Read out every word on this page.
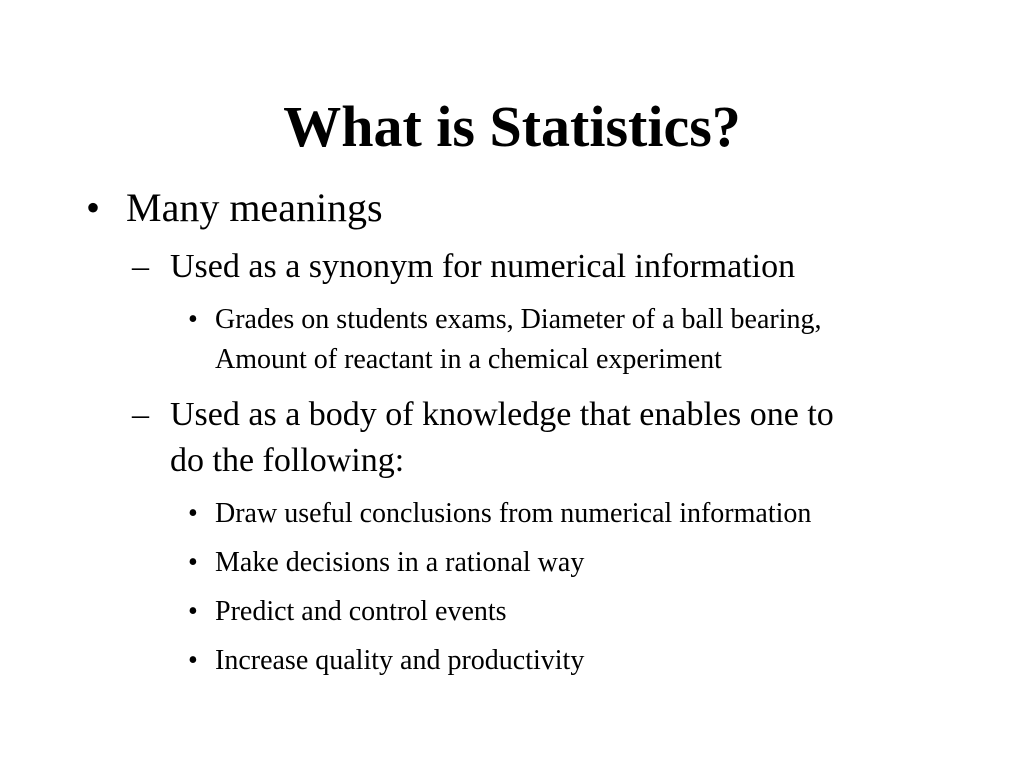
What is Statistics?
• Many meanings
– Used as a synonym for numerical information
• Grades on students exams, Diameter of a ball bearing,
Amount of reactant in a chemical experiment
– Used as a body of knowledge that enables one to
do the following:
• Draw useful conclusions from numerical information
• Make decisions in a rational way
• Predict and control events
• Increase quality and productivity
